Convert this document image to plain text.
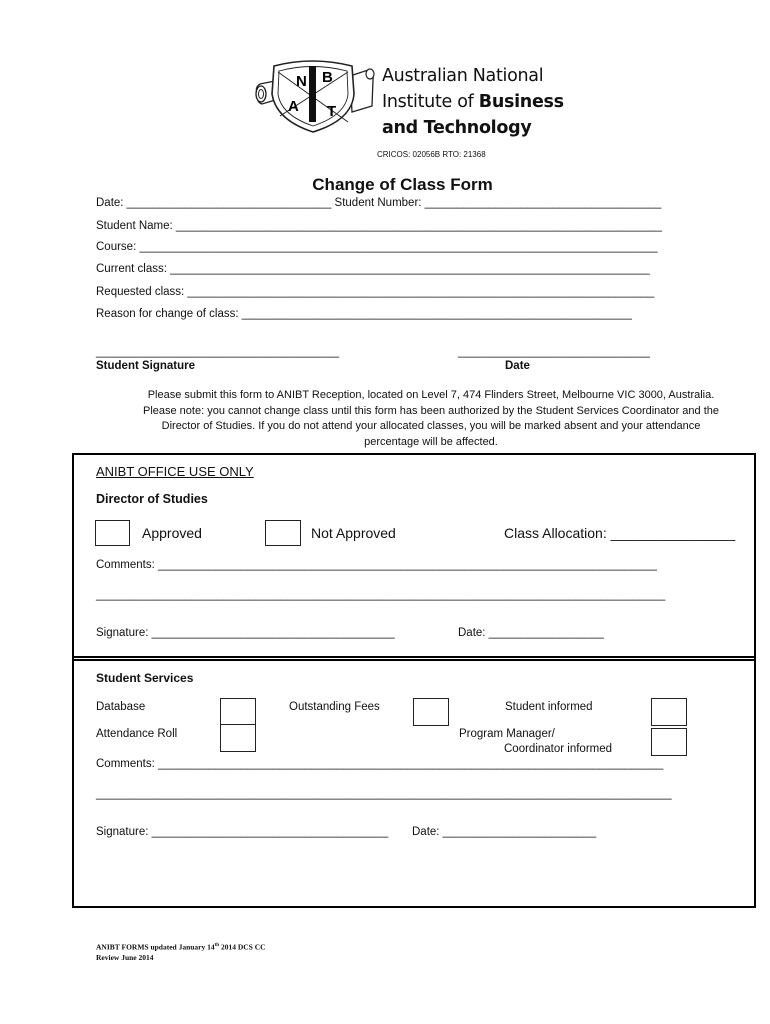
N B
A T
Australian National
Institute of Business
and Technology
CRICOS: 02056B RTO: 21368
Change of Class Form
Date: ________________________________ Student Number: _____________________________________
Student Name: ____________________________________________________________________________
Course: _________________________________________________________________________________
Current class: ___________________________________________________________________________
Requested class: _________________________________________________________________________
Reason for change of class: _____________________________________________________________
______________________________________	______________________________
Student Signature	Date
Please submit this form to ANIBT Reception, located on Level 7, 474 Flinders Street, Melbourne VIC 3000, Australia.
Please note: you cannot change class until this form has been authorized by the Student Services Coordinator and the
Director of Studies. If you do not attend your allocated classes, you will be marked absent and your attendance
percentage will be affected.
ANIBT OFFICE USE ONLY
Director of Studies
Approved	Not Approved	Class Allocation: ________________
Comments: ______________________________________________________________________________
_________________________________________________________________________________________
Signature: ______________________________________	Date: __________________
Student Services
Database	Outstanding Fees	Student informed
Attendance Roll	Program Manager/
Coordinator informed
Comments: _______________________________________________________________________________
__________________________________________________________________________________________
Signature: _____________________________________ Date: ________________________
ANIBT FORMS updated January 14th 2014 DCS CC
Review June 2014
